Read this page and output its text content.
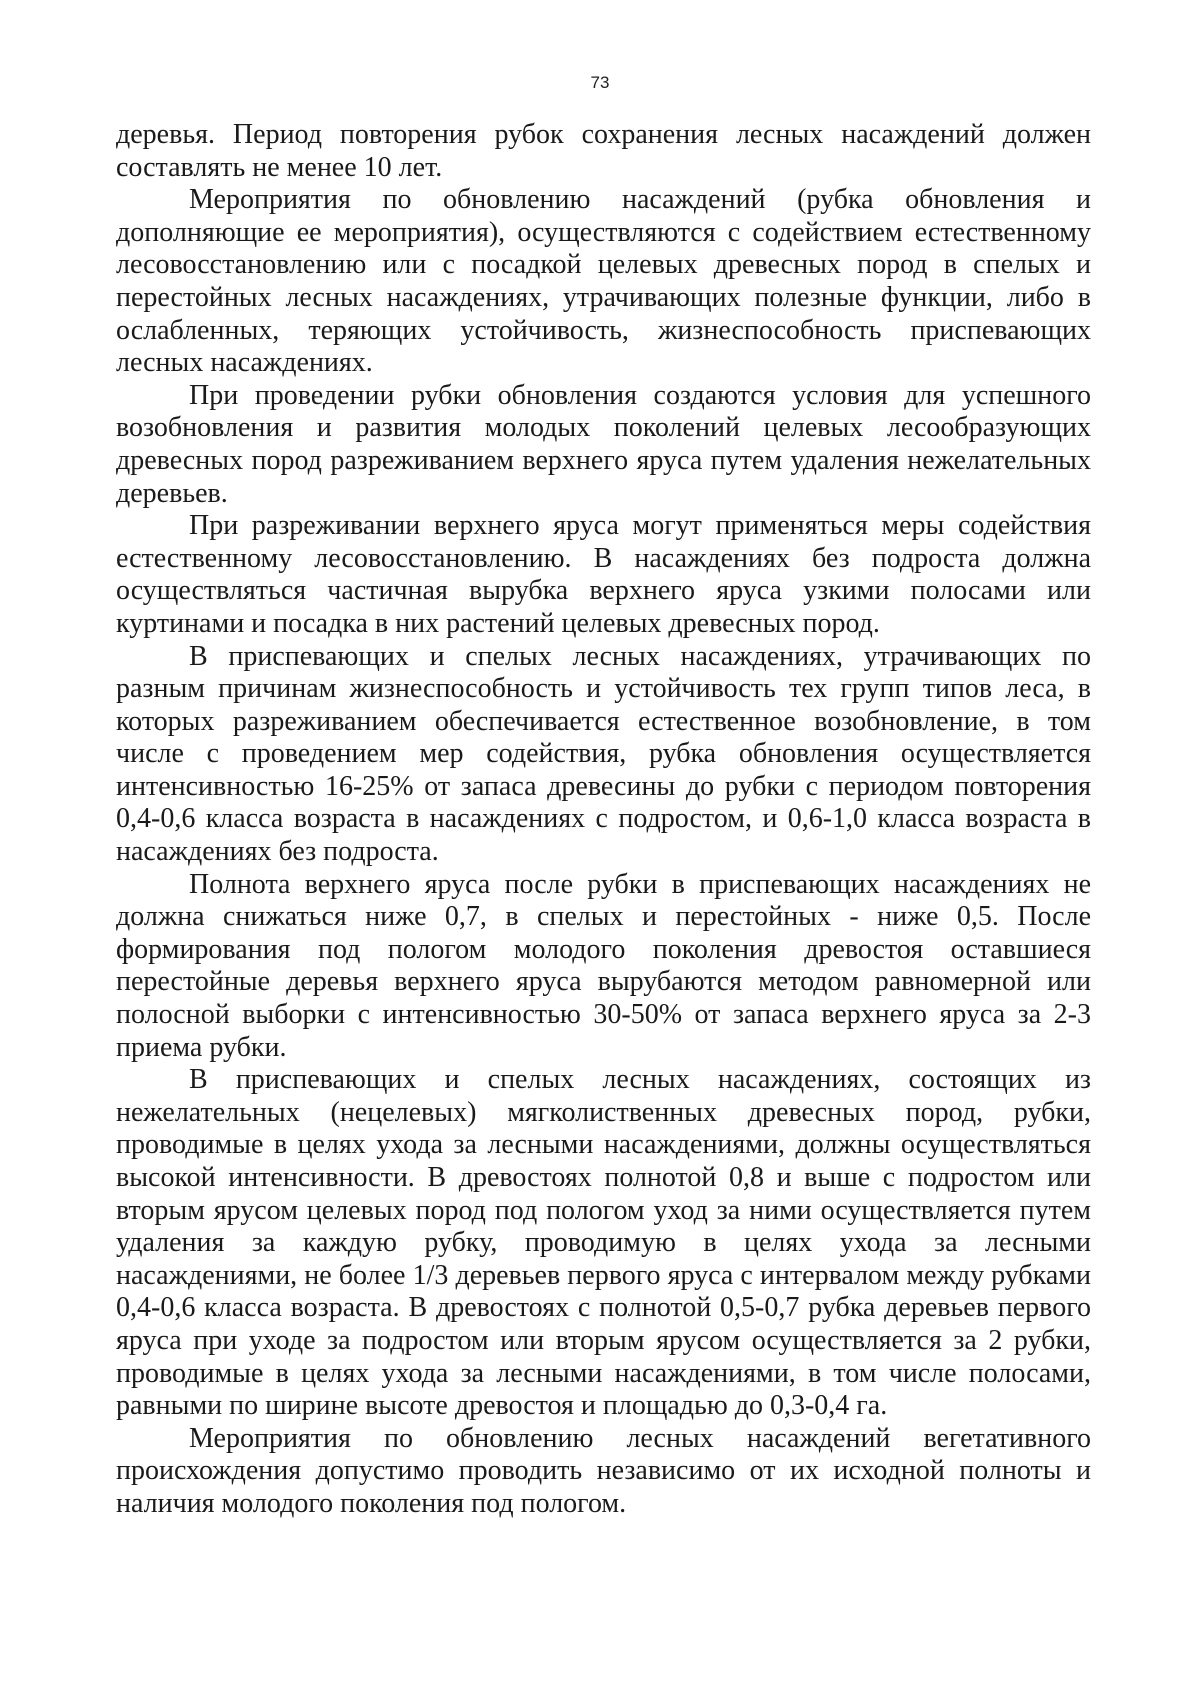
73

деревья. Период повторения рубок сохранения лесных насаждений должен составлять не менее 10 лет.

Мероприятия по обновлению насаждений (рубка обновления и дополняющие ее мероприятия), осуществляются с содействием естественному лесовосстановлению или с посадкой целевых древесных пород в спелых и перестойных лесных насаждениях, утрачивающих полезные функции, либо в ослабленных, теряющих устойчивость, жизнеспособность приспевающих лесных насаждениях.

При проведении рубки обновления создаются условия для успешного возобновления и развития молодых поколений целевых лесообразующих древесных пород разреживанием верхнего яруса путем удаления нежелательных деревьев.

При разреживании верхнего яруса могут применяться меры содействия естественному лесовосстановлению. В насаждениях без подроста должна осуществляться частичная вырубка верхнего яруса узкими полосами или куртинами и посадка в них растений целевых древесных пород.

В приспевающих и спелых лесных насаждениях, утрачивающих по разным причинам жизнеспособность и устойчивость тех групп типов леса, в которых разреживанием обеспечивается естественное возобновление, в том числе с проведением мер содействия, рубка обновления осуществляется интенсивностью 16-25% от запаса древесины до рубки с периодом повторения 0,4-0,6 класса возраста в насаждениях с подростом, и 0,6-1,0 класса возраста в насаждениях без подроста.

Полнота верхнего яруса после рубки в приспевающих насаждениях не должна снижаться ниже 0,7, в спелых и перестойных - ниже 0,5. После формирования под пологом молодого поколения древостоя оставшиеся перестойные деревья верхнего яруса вырубаются методом равномерной или полосной выборки с интенсивностью 30-50% от запаса верхнего яруса за 2-3 приема рубки.

В приспевающих и спелых лесных насаждениях, состоящих из нежелательных (нецелевых) мягколиственных древесных пород, рубки, проводимые в целях ухода за лесными насаждениями, должны осуществляться высокой интенсивности. В древостоях полнотой 0,8 и выше с подростом или вторым ярусом целевых пород под пологом уход за ними осуществляется путем удаления за каждую рубку, проводимую в целях ухода за лесными насаждениями, не более 1/3 деревьев первого яруса с интервалом между рубками 0,4-0,6 класса возраста. В древостоях с полнотой 0,5-0,7 рубка деревьев первого яруса при уходе за подростом или вторым ярусом осуществляется за 2 рубки, проводимые в целях ухода за лесными насаждениями, в том числе полосами, равными по ширине высоте древостоя и площадью до 0,3-0,4 га.

Мероприятия по обновлению лесных насаждений вегетативного происхождения допустимо проводить независимо от их исходной полноты и наличия молодого поколения под пологом.
